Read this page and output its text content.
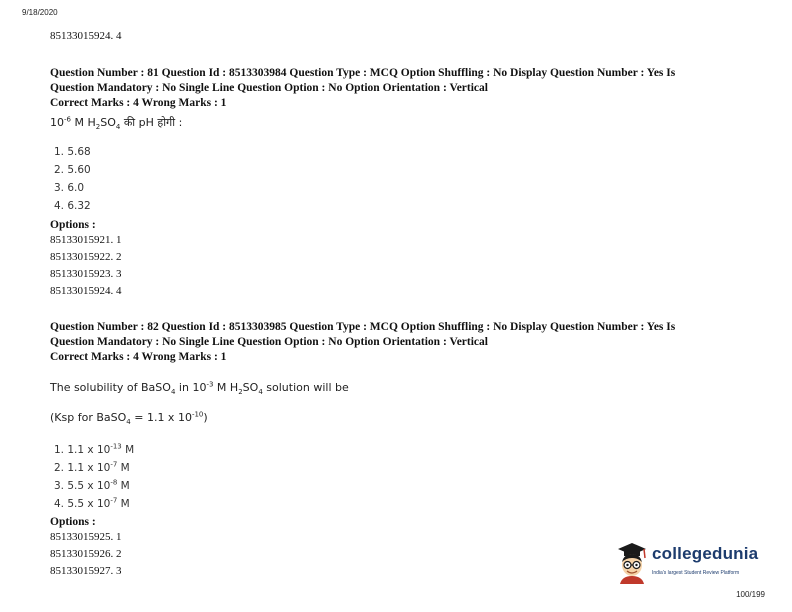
9/18/2020
85133015924. 4
Question Number : 81 Question Id : 8513303984 Question Type : MCQ Option Shuffling : No Display Question Number : Yes Is
Question Mandatory : No Single Line Question Option : No Option Orientation : Vertical
Correct Marks : 4 Wrong Marks : 1
$10^{-6}$ M $H_2SO_4$ की pH होगी :
1. 5.68
2. 5.60
3. 6.0
4. 6.32
Options :
85133015921. 1
85133015922. 2
85133015923. 3
85133015924. 4
Question Number : 82 Question Id : 8513303985 Question Type : MCQ Option Shuffling : No Display Question Number : Yes Is
Question Mandatory : No Single Line Question Option : No Option Orientation : Vertical
Correct Marks : 4 Wrong Marks : 1
The solubility of BaSO$_4$ in $10^{-3}$ M $H_2SO_4$ solution will be
(Ksp for BaSO$_4$ = 1.1 x $10^{-10}$)
1. 1.1 x $10^{-13}$ M
2. 1.1 x $10^{-7}$ M
3. 5.5 x $10^{-8}$ M
4. 5.5 x $10^{-7}$ M
Options :
85133015925. 1
85133015926. 2
85133015927. 3
collegedunia
India's largest Student Review Platform
100/199
